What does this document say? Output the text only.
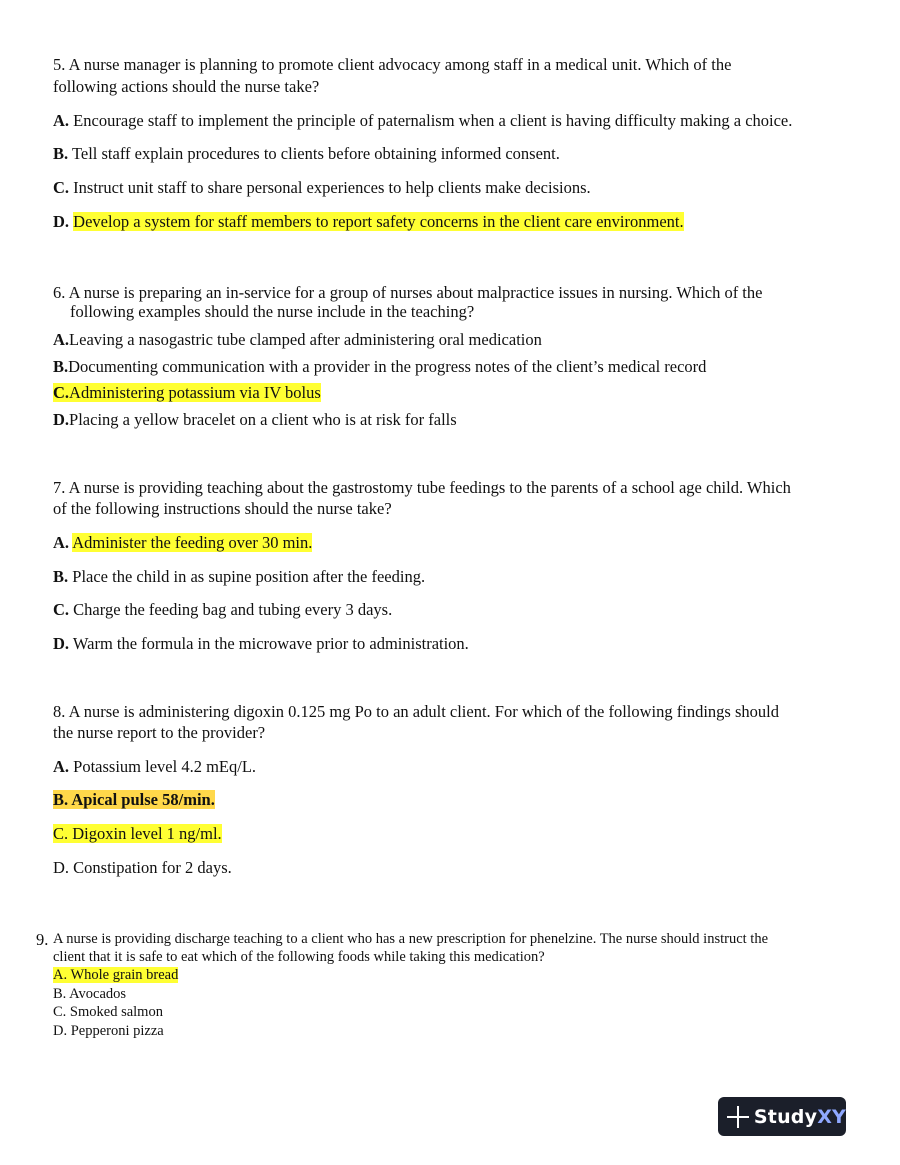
5. A nurse manager is planning to promote client advocacy among staff in a medical unit. Which of the
following actions should the nurse take?
A. Encourage staff to implement the principle of paternalism when a client is having difficulty making a choice.
B. Tell staff explain procedures to clients before obtaining informed consent.
C. Instruct unit staff to share personal experiences to help clients make decisions.
D. Develop a system for staff members to report safety concerns in the client care environment.
6. A nurse is preparing an in-service for a group of nurses about malpractice issues in nursing. Which of the
following examples should the nurse include in the teaching?
A.Leaving a nasogastric tube clamped after administering oral medication
B.Documenting communication with a provider in the progress notes of the client’s medical record
C.Administering potassium via IV bolus
D.Placing a yellow bracelet on a client who is at risk for falls
7. A nurse is providing teaching about the gastrostomy tube feedings to the parents of a school age child. Which
of the following instructions should the nurse take?
A. Administer the feeding over 30 min.
B. Place the child in as supine position after the feeding.
C. Charge the feeding bag and tubing every 3 days.
D. Warm the formula in the microwave prior to administration.
8. A nurse is administering digoxin 0.125 mg Po to an adult client. For which of the following findings should
the nurse report to the provider?
A. Potassium level 4.2 mEq/L.
B. Apical pulse 58/min.
C. Digoxin level 1 ng/ml.
D. Constipation for 2 days.
9. A nurse is providing discharge teaching to a client who has a new prescription for phenelzine. The nurse should instruct the
client that it is safe to eat which of the following foods while taking this medication?
A. Whole grain bread
B. Avocados
C. Smoked salmon
D. Pepperoni pizza
StudyXY
